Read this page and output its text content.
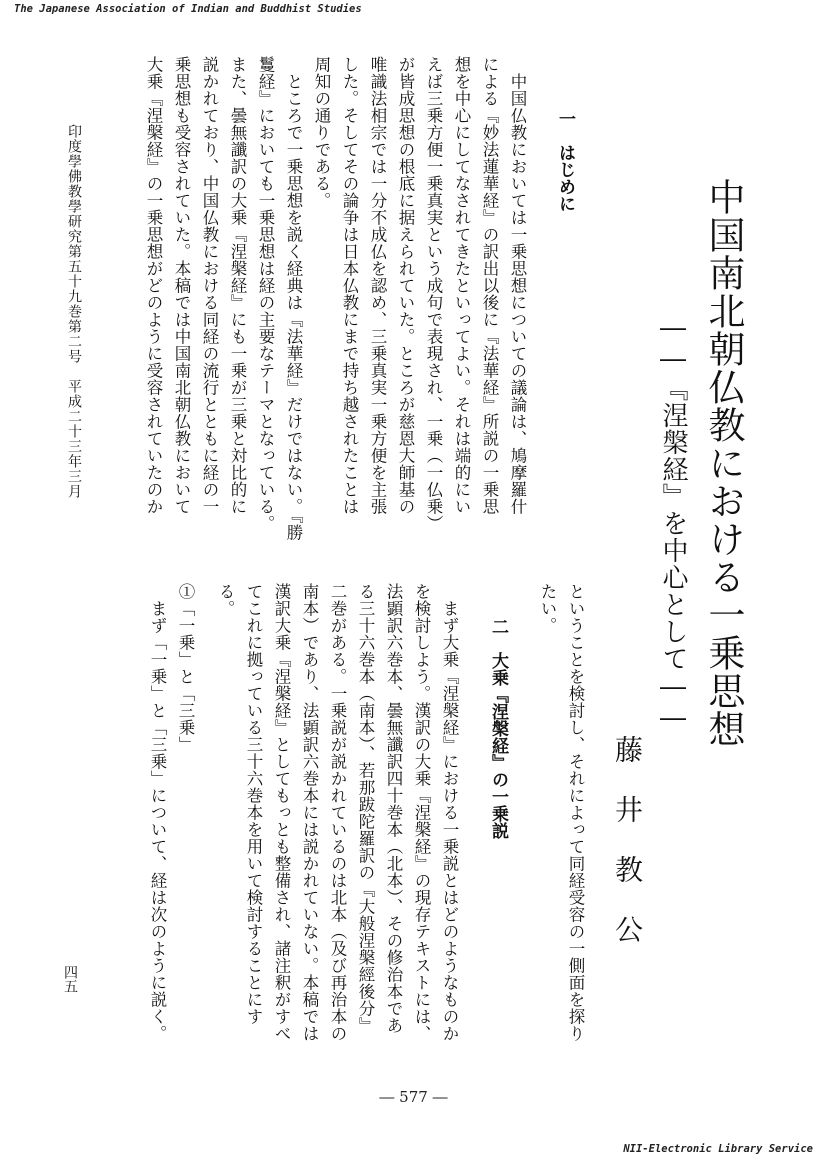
The Japanese Association of Indian and Buddhist Studies
中国南北朝仏教における一乗思想
――『涅槃経』を中心として――
藤井教公
ということを検討し、それによって同経受容の一側面を探り
たい。
二　大乗『涅槃経』の一乗説
　まず大乗『涅槃経』における一乗説とはどのようなものか
を検討しよう。漢訳の大乗『涅槃経』の現存テキストには、
法顕訳六巻本、曇無讖訳四十巻本（北本）、その修治本であ
る三十六巻本（南本）、若那跋陀羅訳の『大般涅槃經後分』
二巻がある。一乗説が説かれているのは北本（及び再治本の
南本）であり、法顕訳六巻本には説かれていない。本稿では
漢訳大乗『涅槃経』としてもっとも整備され、諸注釈がすべ
てこれに拠っている三十六巻本を用いて検討することにす
る。
①「一乗」と「三乗」
　まず「一乗」と「三乗」について、経は次のように説く。
一　はじめに
　中国仏教においては一乗思想についての議論は、鳩摩羅什
による『妙法蓮華経』の訳出以後に『法華経』所説の一乗思
想を中心にしてなされてきたといってよい。それは端的にい
えば三乗方便一乗真実という成句で表現され、一乗（一仏乗）
が皆成思想の根底に据えられていた。ところが慈恩大師基の
唯識法相宗では一分不成仏を認め、三乗真実一乗方便を主張
した。そしてその論争は日本仏教にまで持ち越されたことは
周知の通りである。
　ところで一乗思想を説く経典は『法華経』だけではない。『勝
鬘経』においても一乗思想は経の主要なテーマとなっている。
また、曇無讖訳の大乗『涅槃経』にも一乗が三乗と対比的に
説かれており、中国仏教における同経の流行とともに経の一
乗思想も受容されていた。本稿では中国南北朝仏教において
大乗『涅槃経』の一乗思想がどのように受容されていたのか
印度學佛教學研究第五十九巻第二号　平成二十三年三月
四五
― 577 ―
NII-Electronic Library Service
